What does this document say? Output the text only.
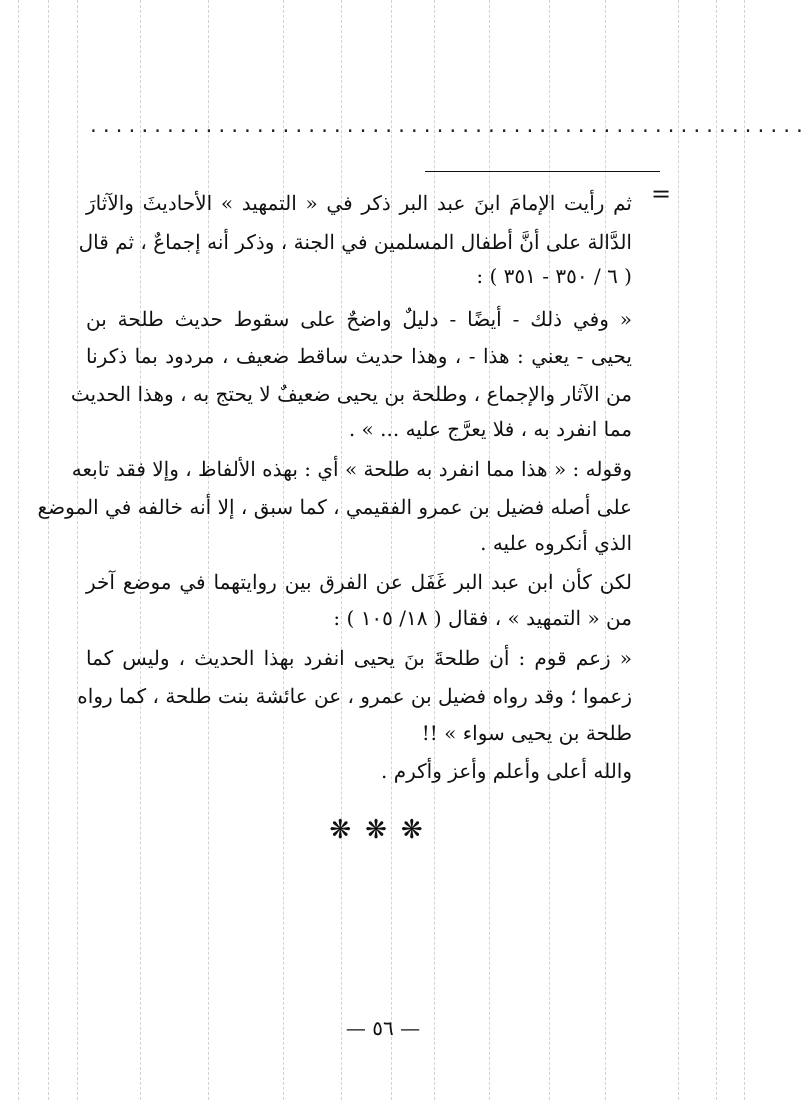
........................................................
=
ثم رأيت الإمامَ ابنَ عبد البر ذكر في « التمهيد » الأحاديثَ والآثارَ
الدَّالة على أنَّ أطفال المسلمين في الجنة ، وذكر أنه إجماعٌ ، ثم قال
( ٦ / ٣٥٠ - ٣٥١ ) :
« وفي ذلك - أيضًا - دليلٌ واضحٌ على سقوط حديث طلحة بن
يحيى - يعني : هذا - ، وهذا حديث ساقط ضعيف ، مردود بما ذكرنا
من الآثار والإجماع ، وطلحة بن يحيى ضعيفٌ لا يحتج به ، وهذا الحديث
مما انفرد به ، فلا يعرَّج عليه ... » .
وقوله : « هذا مما انفرد به طلحة » أي : بهذه الألفاظ ، وإلا فقد تابعه
على أصله فضيل بن عمرو الفقيمي ، كما سبق ، إلا أنه خالفه في الموضع
الذي أنكروه عليه .
لكن كأن ابن عبد البر غَفَل عن الفرق بين روايتهما في موضع آخر
من « التمهيد » ، فقال ( ١٨/ ١٠٥ ) :
« زعم قوم : أن طلحةَ بنَ يحيى انفرد بهذا الحديث ، وليس كما
زعموا ؛ وقد رواه فضيل بن عمرو ، عن عائشة بنت طلحة ، كما رواه
طلحة بن يحيى سواء » !!
والله أعلى وأعلم وأعز وأكرم .
❋❋❋
— ٥٦ —
